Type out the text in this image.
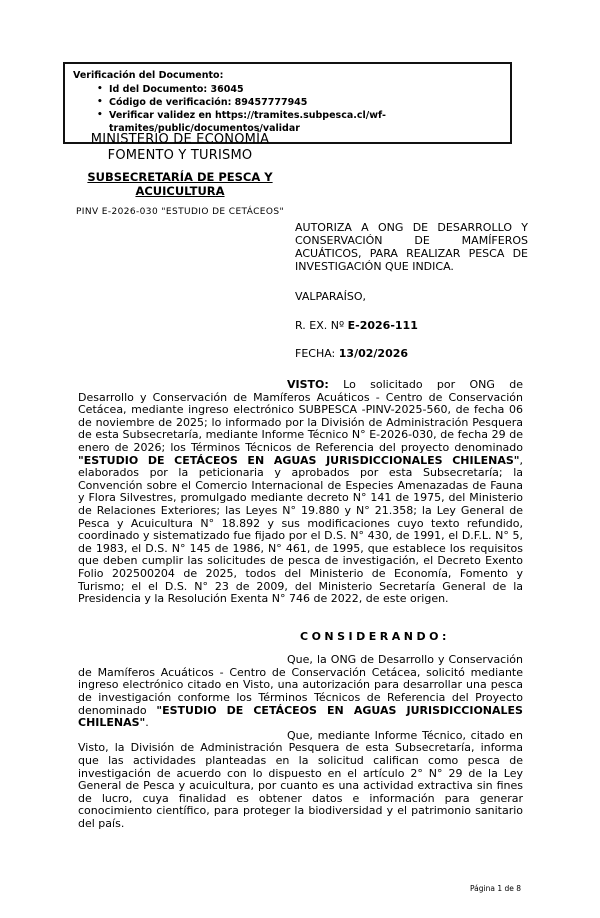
Verificación del Documento:

• Id del Documento: 36045
• Código de verificación: 89457777945
• Verificar validez en https://tramites.subpesca.cl/wf-tramites/public/documentos/validar
MINISTERIO DE ECONOMÍA
FOMENTO Y TURISMO
SUBSECRETARÍA DE PESCA Y
ACUICULTURA
PINV E-2026-030 "ESTUDIO DE CETÁCEOS"
AUTORIZA A ONG DE DESARROLLO Y CONSERVACIÓN DE MAMÍFEROS ACUÁTICOS, PARA REALIZAR PESCA DE INVESTIGACIÓN QUE INDICA.
VALPARAÍSO,
R. EX. Nº E-2026-111
FECHA: 13/02/2026

VISTO: Lo solicitado por ONG de Desarrollo y Conservación de Mamíferos Acuáticos - Centro de Conservación Cetácea, mediante ingreso electrónico SUBPESCA -PINV-2025-560, de fecha 06 de noviembre de 2025; lo informado por la División de Administración Pesquera de esta Subsecretaría, mediante Informe Técnico N° E-2026-030, de fecha 29 de enero de 2026; los Términos Técnicos de Referencia del proyecto denominado "ESTUDIO DE CETÁCEOS EN AGUAS JURISDICCIONALES CHILENAS", elaborados por la peticionaria y aprobados por esta Subsecretaría; la Convención sobre el Comercio Internacional de Especies Amenazadas de Fauna y Flora Silvestres, promulgado mediante decreto N° 141 de 1975, del Ministerio de Relaciones Exteriores; las Leyes N° 19.880 y N° 21.358; la Ley General de Pesca y Acuicultura N° 18.892 y sus modificaciones cuyo texto refundido, coordinado y sistematizado fue fijado por el D.S. N° 430, de 1991, el D.F.L. N° 5, de 1983, el D.S. N° 145 de 1986, N° 461, de 1995, que establece los requisitos que deben cumplir las solicitudes de pesca de investigación, el Decreto Exento Folio 202500204 de 2025, todos del Ministerio de Economía, Fomento y Turismo; el el D.S. N° 23 de 2009, del Ministerio Secretaría General de la Presidencia y la Resolución Exenta N° 746 de 2022, de este origen.

CONSIDERANDO:

Que, la ONG de Desarrollo y Conservación de Mamíferos Acuáticos - Centro de Conservación Cetácea, solicitó mediante ingreso electrónico citado en Visto, una autorización para desarrollar una pesca de investigación conforme los Términos Técnicos de Referencia del Proyecto denominado "ESTUDIO DE CETÁCEOS EN AGUAS JURISDICCIONALES CHILENAS".

Que, mediante Informe Técnico, citado en Visto, la División de Administración Pesquera de esta Subsecretaría, informa que las actividades planteadas en la solicitud califican como pesca de investigación de acuerdo con lo dispuesto en el artículo 2° N° 29 de la Ley General de Pesca y acuicultura, por cuanto es una actividad extractiva sin fines de lucro, cuya finalidad es obtener datos e información para generar conocimiento científico, para proteger la biodiversidad y el patrimonio sanitario del país.

Página 1 de 8
